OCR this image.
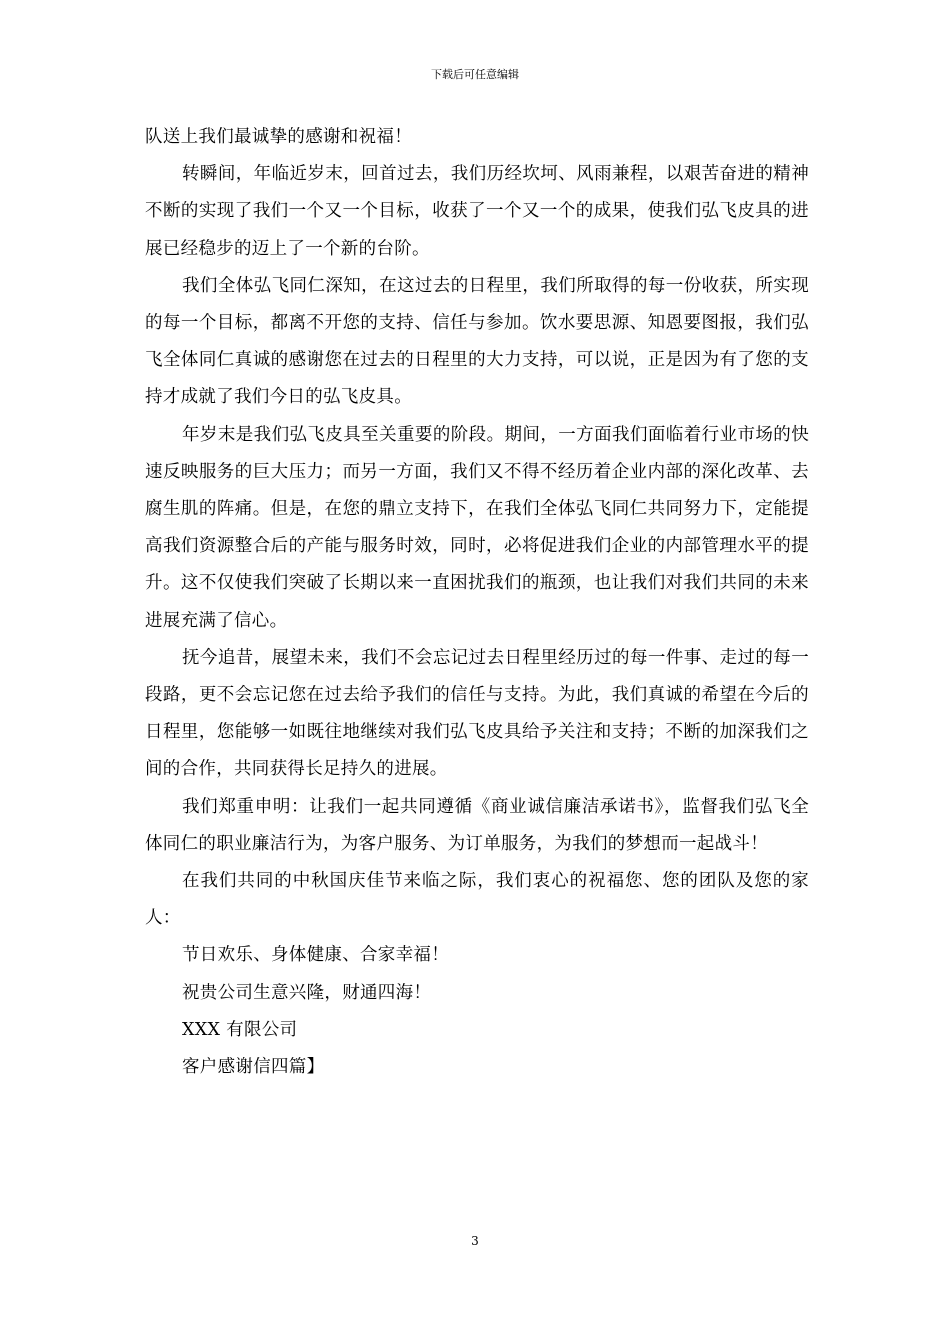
下载后可任意编辑

队送上我们最诚挚的感谢和祝福！

转瞬间，年临近岁末，回首过去，我们历经坎坷、风雨兼程，以艰苦奋进的精神不断的实现了我们一个又一个目标，收获了一个又一个的成果，使我们弘飞皮具的进展已经稳步的迈上了一个新的台阶。

我们全体弘飞同仁深知，在这过去的日程里，我们所取得的每一份收获，所实现的每一个目标，都离不开您的支持、信任与参加。饮水要思源、知恩要图报，我们弘飞全体同仁真诚的感谢您在过去的日程里的大力支持，可以说，正是因为有了您的支持才成就了我们今日的弘飞皮具。

年岁末是我们弘飞皮具至关重要的阶段。期间，一方面我们面临着行业市场的快速反映服务的巨大压力；而另一方面，我们又不得不经历着企业内部的深化改革、去腐生肌的阵痛。但是，在您的鼎立支持下，在我们全体弘飞同仁共同努力下，定能提高我们资源整合后的产能与服务时效，同时，必将促进我们企业的内部管理水平的提升。这不仅使我们突破了长期以来一直困扰我们的瓶颈，也让我们对我们共同的未来进展充满了信心。

抚今追昔，展望未来，我们不会忘记过去日程里经历过的每一件事、走过的每一段路，更不会忘记您在过去给予我们的信任与支持。为此，我们真诚的希望在今后的日程里，您能够一如既往地继续对我们弘飞皮具给予关注和支持；不断的加深我们之间的合作，共同获得长足持久的进展。

我们郑重申明：让我们一起共同遵循《商业诚信廉洁承诺书》，监督我们弘飞全体同仁的职业廉洁行为，为客户服务、为订单服务，为我们的梦想而一起战斗！

在我们共同的中秋国庆佳节来临之际，我们衷心的祝福您、您的团队及您的家人：

节日欢乐、身体健康、合家幸福！

祝贵公司生意兴隆，财通四海！

XXX 有限公司

客户感谢信四篇】

3
